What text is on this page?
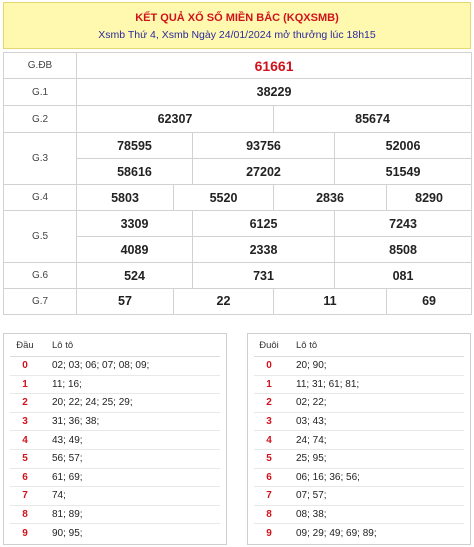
KẾT QUẢ XỔ SỐ MIỀN BẮC (KQXSMB)
Xsmb Thứ 4, Xsmb Ngày 24/01/2024 mở thưởng lúc 18h15
G.ĐB	61661					
G.1	38229					
G.2	62307			85674		
G.3	78595		93756		52006	
	58616		27202		51549	
G.4	5803	5520		2836		8290
G.5	3309		6125		7243	
	4089		2338		8508	
G.6	524		731		081	
G.7	57	22		11		69
Đầu	Lô tô
0	02; 03; 06; 07; 08; 09;
1	11; 16;
2	20; 22; 24; 25; 29;
3	31; 36; 38;
4	43; 49;
5	56; 57;
6	61; 69;
7	74;
8	81; 89;
9	90; 95;
Đuôi	Lô tô
0	20; 90;
1	11; 31; 61; 81;
2	02; 22;
3	03; 43;
4	24; 74;
5	25; 95;
6	06; 16; 36; 56;
7	07; 57;
8	08; 38;
9	09; 29; 49; 69; 89;
